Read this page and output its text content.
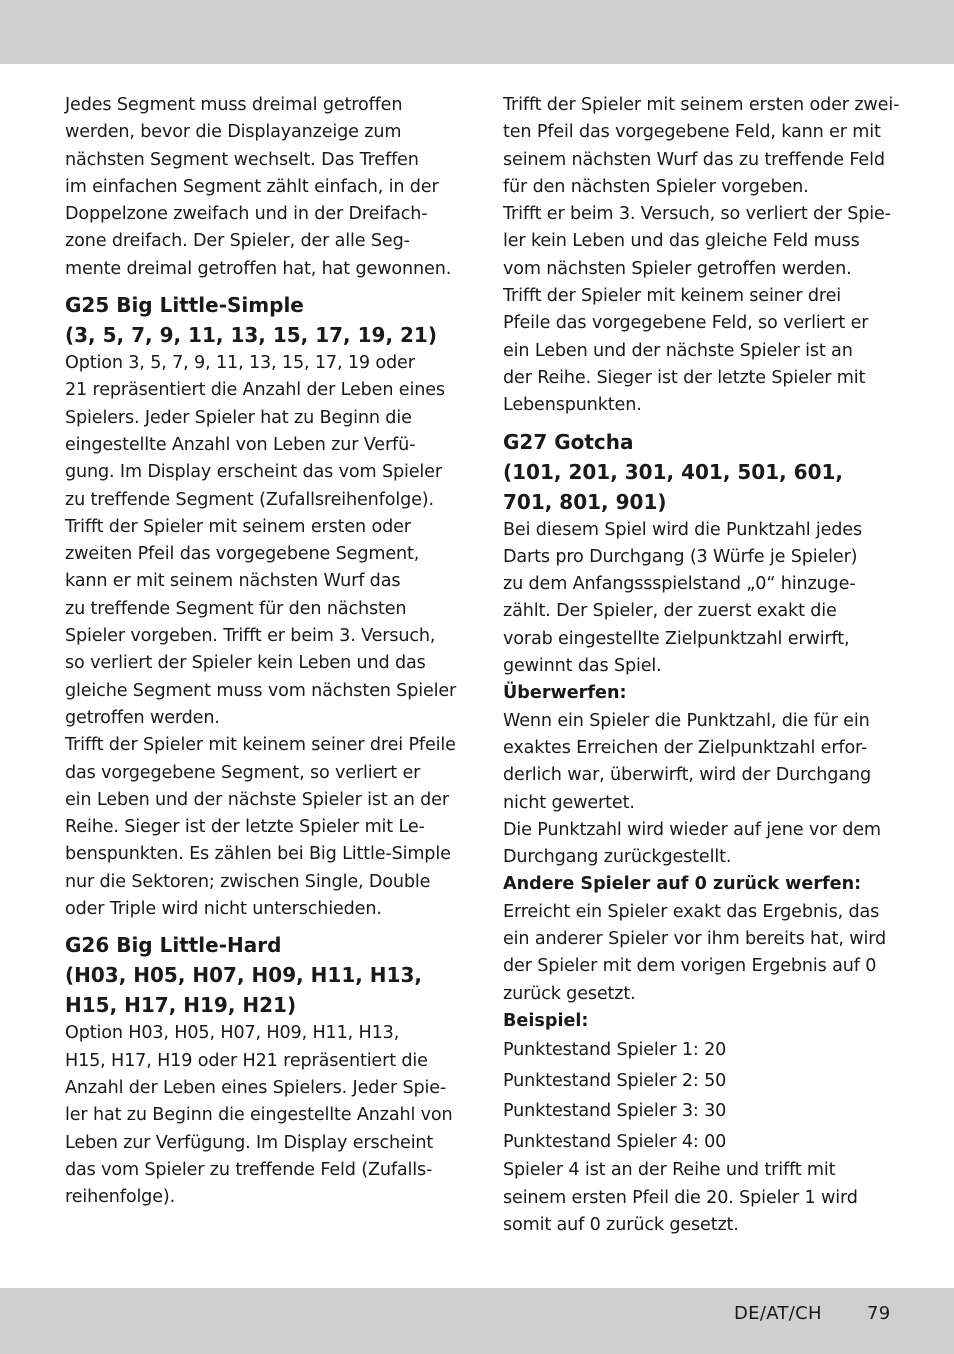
Jedes Segment muss dreimal getroffen
werden, bevor die Displayanzeige zum
nächsten Segment wechselt. Das Treffen
im einfachen Segment zählt einfach, in der
Doppelzone zweifach und in der Dreifach-
zone dreifach. Der Spieler, der alle Seg-
mente dreimal getroffen hat, hat gewonnen.
G25 Big Little-Simple
(3, 5, 7, 9, 11, 13, 15, 17, 19, 21)
Option 3, 5, 7, 9, 11, 13, 15, 17, 19 oder
21 repräsentiert die Anzahl der Leben eines
Spielers. Jeder Spieler hat zu Beginn die
eingestellte Anzahl von Leben zur Verfü-
gung. Im Display erscheint das vom Spieler
zu treffende Segment (Zufallsreihenfolge).
Trifft der Spieler mit seinem ersten oder
zweiten Pfeil das vorgegebene Segment,
kann er mit seinem nächsten Wurf das
zu treffende Segment für den nächsten
Spieler vorgeben. Trifft er beim 3. Versuch,
so verliert der Spieler kein Leben und das
gleiche Segment muss vom nächsten Spieler
getroffen werden.
Trifft der Spieler mit keinem seiner drei Pfeile
das vorgegebene Segment, so verliert er
ein Leben und der nächste Spieler ist an der
Reihe. Sieger ist der letzte Spieler mit Le-
benspunkten. Es zählen bei Big Little-Simple
nur die Sektoren; zwischen Single, Double
oder Triple wird nicht unterschieden.
G26 Big Little-Hard
(H03, H05, H07, H09, H11, H13,
H15, H17, H19, H21)
Option H03, H05, H07, H09, H11, H13,
H15, H17, H19 oder H21 repräsentiert die
Anzahl der Leben eines Spielers. Jeder Spie-
ler hat zu Beginn die eingestellte Anzahl von
Leben zur Verfügung. Im Display erscheint
das vom Spieler zu treffende Feld (Zufalls-
reihenfolge).
Trifft der Spieler mit seinem ersten oder zwei-
ten Pfeil das vorgegebene Feld, kann er mit
seinem nächsten Wurf das zu treffende Feld
für den nächsten Spieler vorgeben.
Trifft er beim 3. Versuch, so verliert der Spie-
ler kein Leben und das gleiche Feld muss
vom nächsten Spieler getroffen werden.
Trifft der Spieler mit keinem seiner drei
Pfeile das vorgegebene Feld, so verliert er
ein Leben und der nächste Spieler ist an
der Reihe. Sieger ist der letzte Spieler mit
Lebenspunkten.
G27 Gotcha
(101, 201, 301, 401, 501, 601,
701, 801, 901)
Bei diesem Spiel wird die Punktzahl jedes
Darts pro Durchgang (3 Würfe je Spieler)
zu dem Anfangssspielstand „0“ hinzuge-
zählt. Der Spieler, der zuerst exakt die
vorab eingestellte Zielpunktzahl erwirft,
gewinnt das Spiel.
Überwerfen:
Wenn ein Spieler die Punktzahl, die für ein
exaktes Erreichen der Zielpunktzahl erfor-
derlich war, überwirft, wird der Durchgang
nicht gewertet.
Die Punktzahl wird wieder auf jene vor dem
Durchgang zurückgestellt.
Andere Spieler auf 0 zurück werfen:
Erreicht ein Spieler exakt das Ergebnis, das
ein anderer Spieler vor ihm bereits hat, wird
der Spieler mit dem vorigen Ergebnis auf 0
zurück gesetzt.
Beispiel:
Punktestand Spieler 1: 20
Punktestand Spieler 2: 50
Punktestand Spieler 3: 30
Punktestand Spieler 4: 00
Spieler 4 ist an der Reihe und trifft mit
seinem ersten Pfeil die 20. Spieler 1 wird
somit auf 0 zurück gesetzt.
DE/AT/CH	79
